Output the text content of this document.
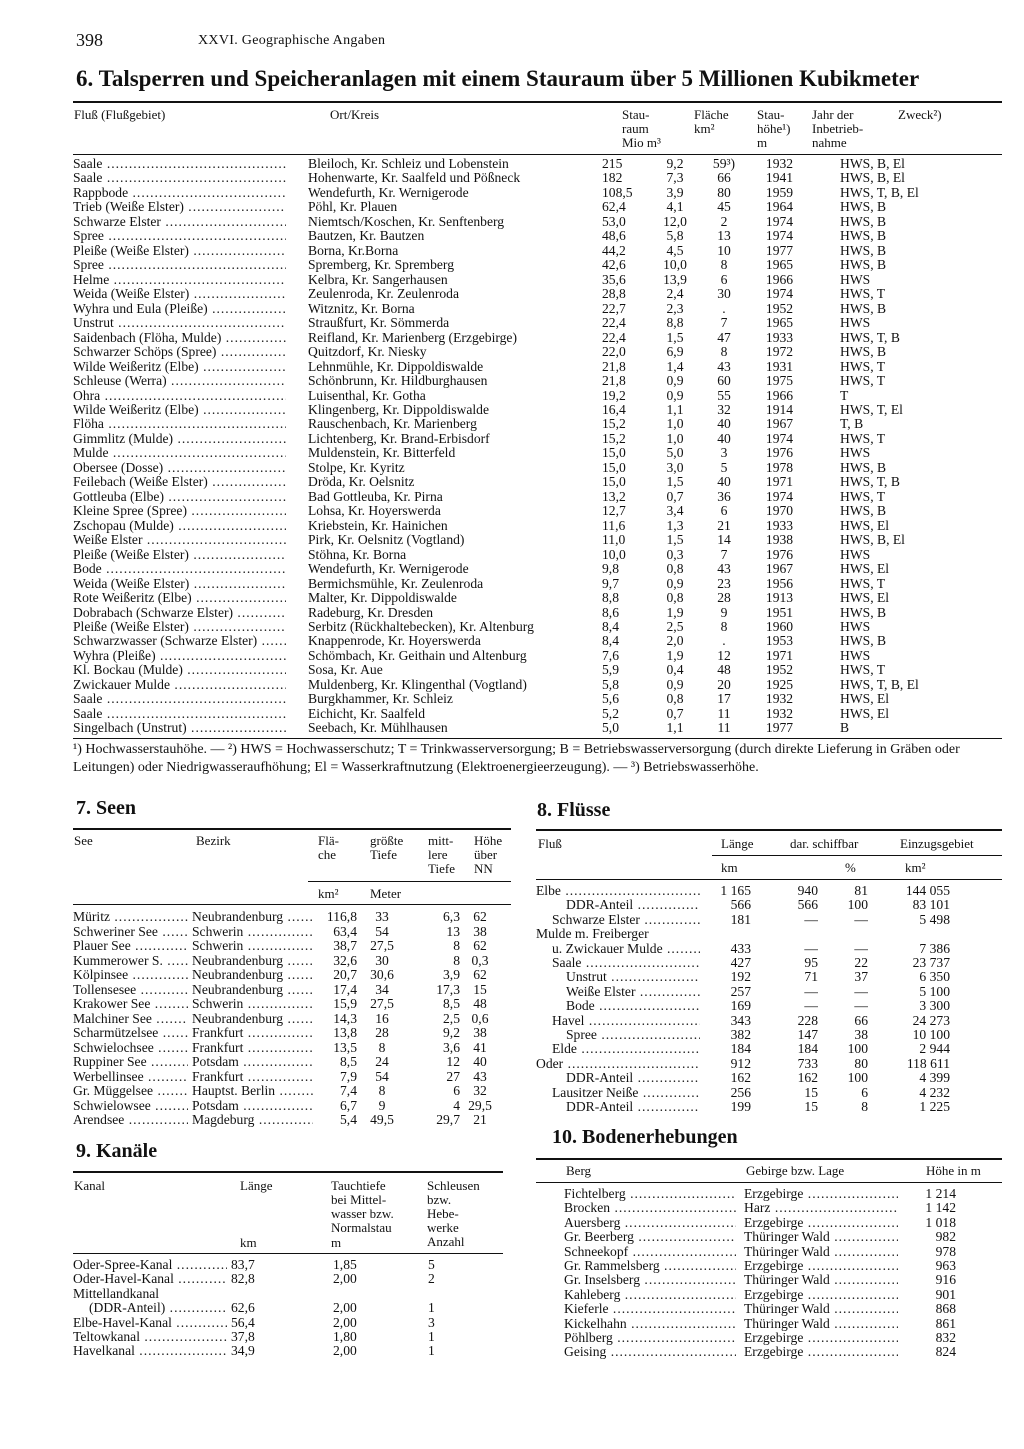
398	XXVI. Geographische Angaben
6. Talsperren und Speicheranlagen mit einem Stauraum über 5 Millionen Kubikmeter
Fluß (Flußgebiet)	Ort/Kreis	Stau-
raum
Mio m³
Fläche
km²
Stau-
höhe¹)
m
Jahr der
Inbetrieb-
nahme
Zweck²)
Saale .....	Bleiloch, Kr. Schleiz und Lobenstein	215	9,2	59³)	1932	HWS, B, El

Saale .....	Hohenwarte, Kr. Saalfeld und Pößneck	182	7,3	66	1941	HWS, B, El

Rappbode .....	Wendefurth, Kr. Wernigerode	108,5	3,9	80	1959	HWS, T, B, El

Trieb (Weiße Elster) .....	Pöhl, Kr. Plauen	62,4	4,1	45	1964	HWS, B

Schwarze Elster .....	Niemtsch/Koschen, Kr. Senftenberg	53,0	12,0	2	1974	HWS, B

Spree .....	Bautzen, Kr. Bautzen	48,6	5,8	13	1974	HWS, B

Pleiße (Weiße Elster) .....	Borna, Kr.Borna	44,2	4,5	10	1977	HWS, B

Spree .....	Spremberg, Kr. Spremberg	42,6	10,0	8	1965	HWS, B

Helme .....	Kelbra, Kr. Sangerhausen	35,6	13,9	6	1966	HWS

Weida (Weiße Elster) .....	Zeulenroda, Kr. Zeulenroda	28,8	2,4	30	1974	HWS, T

Wyhra und Eula (Pleiße) .....	Witznitz, Kr. Borna	22,7	2,3	.	1952	HWS, B

Unstrut .....	Straußfurt, Kr. Sömmerda	22,4	8,8	7	1965	HWS

Saidenbach (Flöha, Mulde) .....	Reifland, Kr. Marienberg (Erzgebirge)	22,4	1,5	47	1933	HWS, T, B

Schwarzer Schöps (Spree) .....	Quitzdorf, Kr. Niesky	22,0	6,9	8	1972	HWS, B

Wilde Weißeritz (Elbe) .....	Lehnmühle, Kr. Dippoldiswalde	21,8	1,4	43	1931	HWS, T

Schleuse (Werra) .....	Schönbrunn, Kr. Hildburghausen	21,8	0,9	60	1975	HWS, T

Ohra .....	Luisenthal, Kr. Gotha	19,2	0,9	55	1966	T

Wilde Weißeritz (Elbe) .....	Klingenberg, Kr. Dippoldiswalde	16,4	1,1	32	1914	HWS, T, El

Flöha .....	Rauschenbach, Kr. Marienberg	15,2	1,0	40	1967	T, B

Gimmlitz (Mulde) .....	Lichtenberg, Kr. Brand-Erbisdorf	15,2	1,0	40	1974	HWS, T

Mulde .....	Muldenstein, Kr. Bitterfeld	15,0	5,0	3	1976	HWS

Obersee (Dosse) .....	Stolpe, Kr. Kyritz	15,0	3,0	5	1978	HWS, B

Feilebach (Weiße Elster) .....	Dröda, Kr. Oelsnitz	15,0	1,5	40	1971	HWS, T, B

Gottleuba (Elbe) .....	Bad Gottleuba, Kr. Pirna	13,2	0,7	36	1974	HWS, T

Kleine Spree (Spree) .....	Lohsa, Kr. Hoyerswerda	12,7	3,4	6	1970	HWS, B

Zschopau (Mulde) .....	Kriebstein, Kr. Hainichen	11,6	1,3	21	1933	HWS, El

Weiße Elster .....	Pirk, Kr. Oelsnitz (Vogtland)	11,0	1,5	14	1938	HWS, B, El

Pleiße (Weiße Elster) .....	Stöhna, Kr. Borna	10,0	0,3	7	1976	HWS

Bode .....	Wendefurth, Kr. Wernigerode	9,8	0,8	43	1967	HWS, El

Weida (Weiße Elster) .....	Bermichsmühle, Kr. Zeulenroda	9,7	0,9	23	1956	HWS, T

Rote Weißeritz (Elbe) .....	Malter, Kr. Dippoldiswalde	8,8	0,8	28	1913	HWS, El

Dobrabach (Schwarze Elster) .....	Radeburg, Kr. Dresden	8,6	1,9	9	1951	HWS, B

Pleiße (Weiße Elster) .....	Serbitz (Rückhaltebecken), Kr. Altenburg	8,4	2,5	8	1960	HWS

Schwarzwasser (Schwarze Elster) .....	Knappenrode, Kr. Hoyerswerda	8,4	2,0	.	1953	HWS, B

Wyhra (Pleiße) .....	Schömbach, Kr. Geithain und Altenburg	7,6	1,9	12	1971	HWS

Kl. Bockau (Mulde) .....	Sosa, Kr. Aue	5,9	0,4	48	1952	HWS, T

Zwickauer Mulde .....	Muldenberg, Kr. Klingenthal (Vogtland)	5,8	0,9	20	1925	HWS, T, B, El

Saale .....	Burgkhammer, Kr. Schleiz	5,6	0,8	17	1932	HWS, El

Saale .....	Eichicht, Kr. Saalfeld	5,2	0,7	11	1932	HWS, El

Singelbach (Unstrut) .....	Seebach, Kr. Mühlhausen	5,0	1,1	11	1977	B
¹) Hochwasserstauhöhe. — ²) HWS = Hochwasserschutz; T = Trinkwasserversorgung; B = Betriebswasserversorgung (durch direkte Lieferung in Gräben oder Leitungen) oder Niedrigwasseraufhöhung; El = Wasserkraftnutzung (Elektroenergieerzeugung). — ³) Betriebswasserhöhe.
7. Seen
See	Bezirk	Flä-
che
größte
Tiefe
mitt-
lere
Tiefe
Höhe
über
NN
km² Meter
Müritz .....	Neubrandenburg .....	116,8	33	6,3	62	

Schweriner See .....	Schwerin .....	63,4	54	13	38	

Plauer See .....	Schwerin .....	38,7	27,5	8	62	

Kummerower S. .....	Neubrandenburg .....	32,6	30	8	0,3	

Kölpinsee .....	Neubrandenburg .....	20,7	30,6	3,9	62	

Tollensesee .....	Neubrandenburg .....	17,4	34	17,3	15	

Krakower See .....	Schwerin .....	15,9	27,5	8,5	48	

Malchiner See .....	Neubrandenburg .....	14,3	16	2,5	0,6	

Scharmützelsee .....	Frankfurt .....	13,8	28	9,2	38	

Schwielochsee .....	Frankfurt .....	13,5	8	3,6	41	

Ruppiner See .....	Potsdam .....	8,5	24	12	40	

Werbellinsee .....	Frankfurt .....	7,9	54	27	43	

Gr. Müggelsee .....	Hauptst. Berlin .....	7,4	8	6	32	

Schwielowsee .....	Potsdam .....	6,7	9	4	29,5	

Arendsee .....	Magdeburg .....	5,4	49,5	29,7	21	
8. Flüsse
Fluß	Länge	dar. schiffbar	Einzugsgebiet
km	%	km²
Elbe .....	1 165	940	81	144 055	

DDR-Anteil .....	566	566	100	83 101	

Schwarze Elster .....	181	—	—	5 498	
Mulde m. Freiberger					

u. Zwickauer Mulde .....	433	—	—	7 386	

Saale .....	427	95	22	23 737	

Unstrut .....	192	71	37	6 350	

Weiße Elster .....	257	—	—	5 100	

Bode .....	169	—	—	3 300	

Havel .....	343	228	66	24 273	

Spree .....	382	147	38	10 100	

Elde .....	184	184	100	2 944	

Oder .....	912	733	80	118 611	

DDR-Anteil .....	162	162	100	4 399	

Lausitzer Neiße .....	256	15	6	4 232	

DDR-Anteil .....	199	15	8	1 225	
9. Kanäle
Kanal	Länge	Tauchtiefe
bei Mittel-
wasser bzw.
Normalstau
Schleusen
bzw.
Hebe-
werke
Anzahl
km	m
Oder-Spree-Kanal .....	83,7		1,85	5

Oder-Havel-Kanal .....	82,8		2,00	2
Mittellandkanal				

(DDR-Anteil) .....	62,6		2,00	1

Elbe-Havel-Kanal .....	56,4		2,00	3

Teltowkanal .....	37,8		1,80	1

Havelkanal .....	34,9		2,00	1
10. Bodenerhebungen
Berg	Gebirge bzw. Lage	Höhe in m
Fichtelberg .....	Erzgebirge .....	1 214	

Brocken .....	Harz .....	1 142	

Auersberg .....	Erzgebirge .....	1 018	

Gr. Beerberg .....	Thüringer Wald .....	982	

Schneekopf .....	Thüringer Wald .....	978	

Gr. Rammelsberg .....	Erzgebirge .....	963	

Gr. Inselsberg .....	Thüringer Wald .....	916	

Kahleberg .....	Erzgebirge .....	901	

Kieferle .....	Thüringer Wald .....	868	

Kickelhahn .....	Thüringer Wald .....	861	

Pöhlberg .....	Erzgebirge .....	832	

Geising .....	Erzgebirge .....	824	
